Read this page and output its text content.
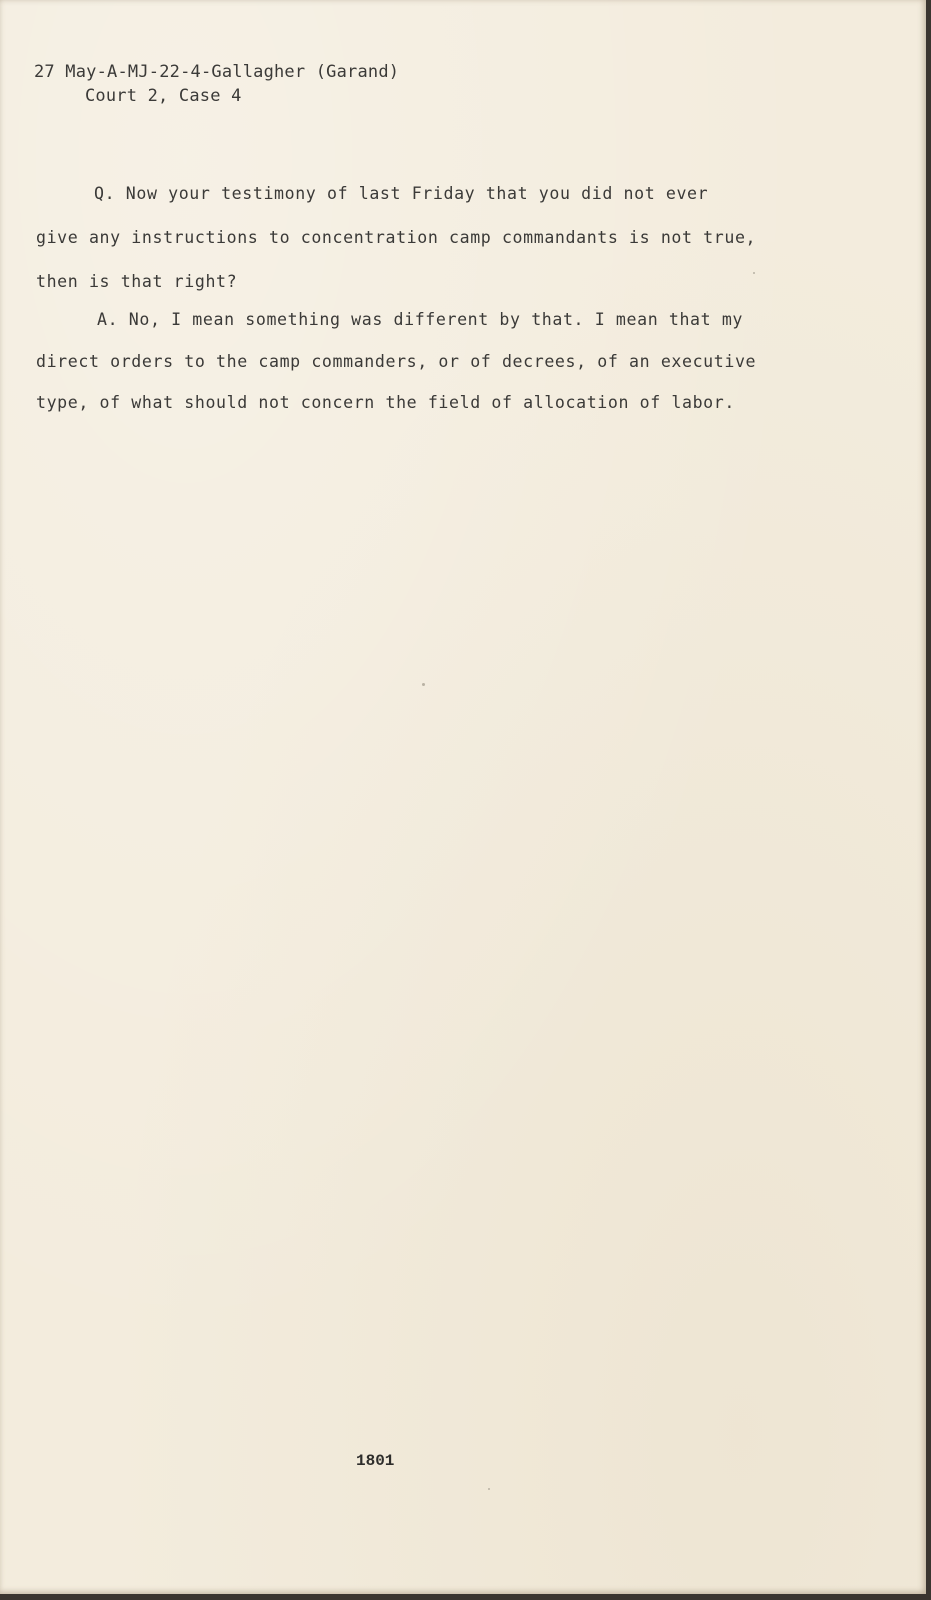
27 May-A-MJ-22-4-Gallagher (Garand)
Court 2, Case 4
Q. Now your testimony of last Friday that you did not ever
give any instructions to concentration camp commandants is not true,
then is that right?
A. No, I mean something was different by that. I mean that my
direct orders to the camp commanders, or of decrees, of an executive
type, of what should not concern the field of allocation of labor.
1801
